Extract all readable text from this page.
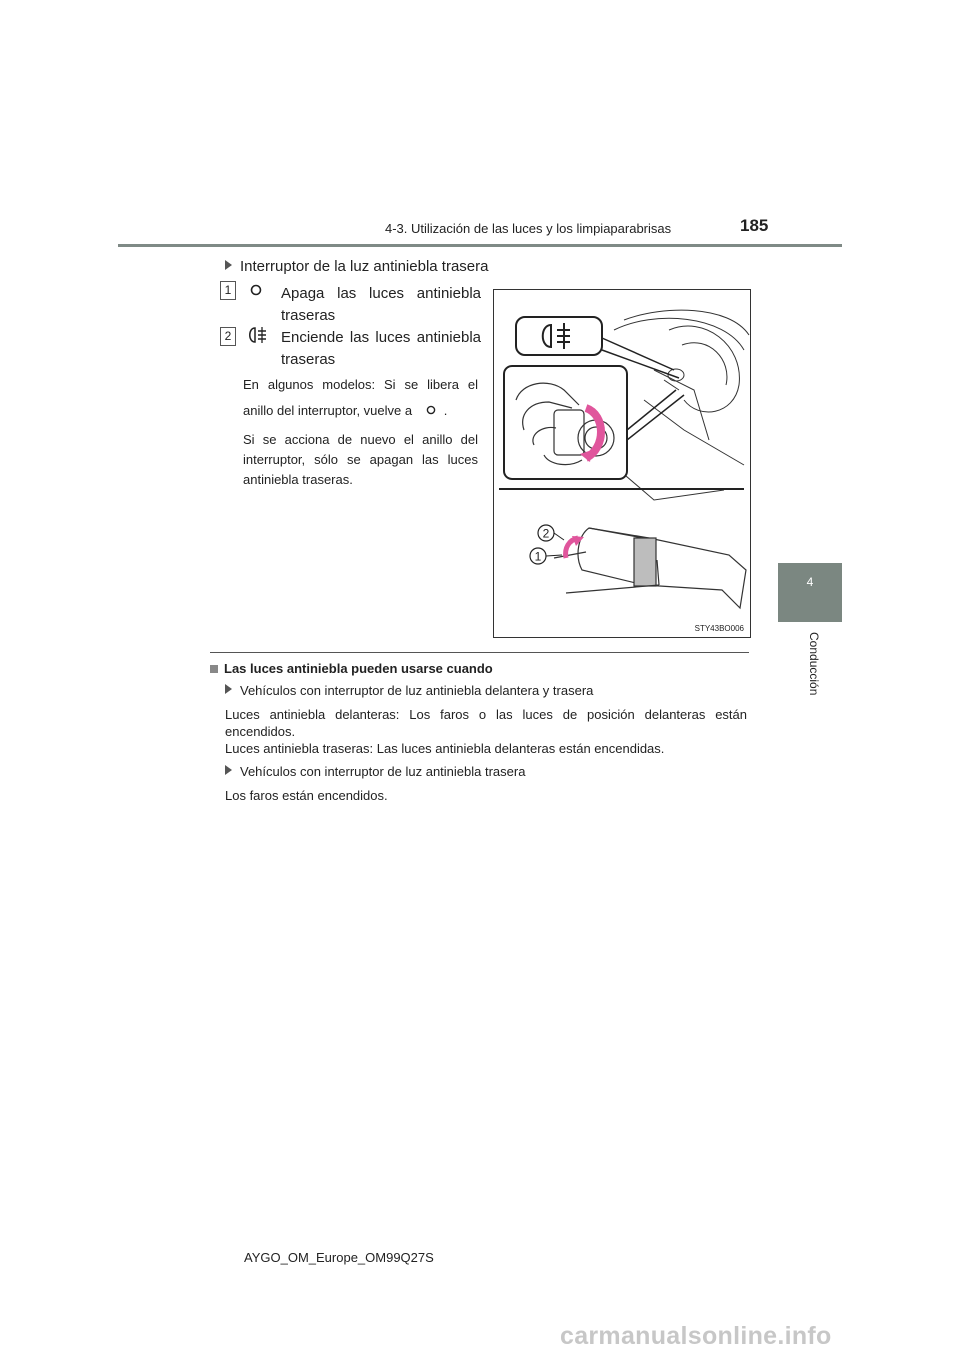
4-3. Utilización de las luces y los limpiaparabrisas	185
4
Conducción
Interruptor de la luz antiniebla trasera
1	Apaga las luces antiniebla
traseras
2	Enciende las luces antiniebla
traseras
En algunos modelos: Si se libera el
anillo del interruptor, vuelve a .
Si se acciona de nuevo el anillo del
interruptor, sólo se apagan las luces
antiniebla traseras.
2
1
STY43BO006
Las luces antiniebla pueden usarse cuando
Vehículos con interruptor de luz antiniebla delantera y trasera
Luces antiniebla delanteras: Los faros o las luces de posición delanteras están
encendidos.
Luces antiniebla traseras: Las luces antiniebla delanteras están encendidas.
Vehículos con interruptor de luz antiniebla trasera
Los faros están encendidos.
AYGO_OM_Europe_OM99Q27S
carmanualsonline.info
